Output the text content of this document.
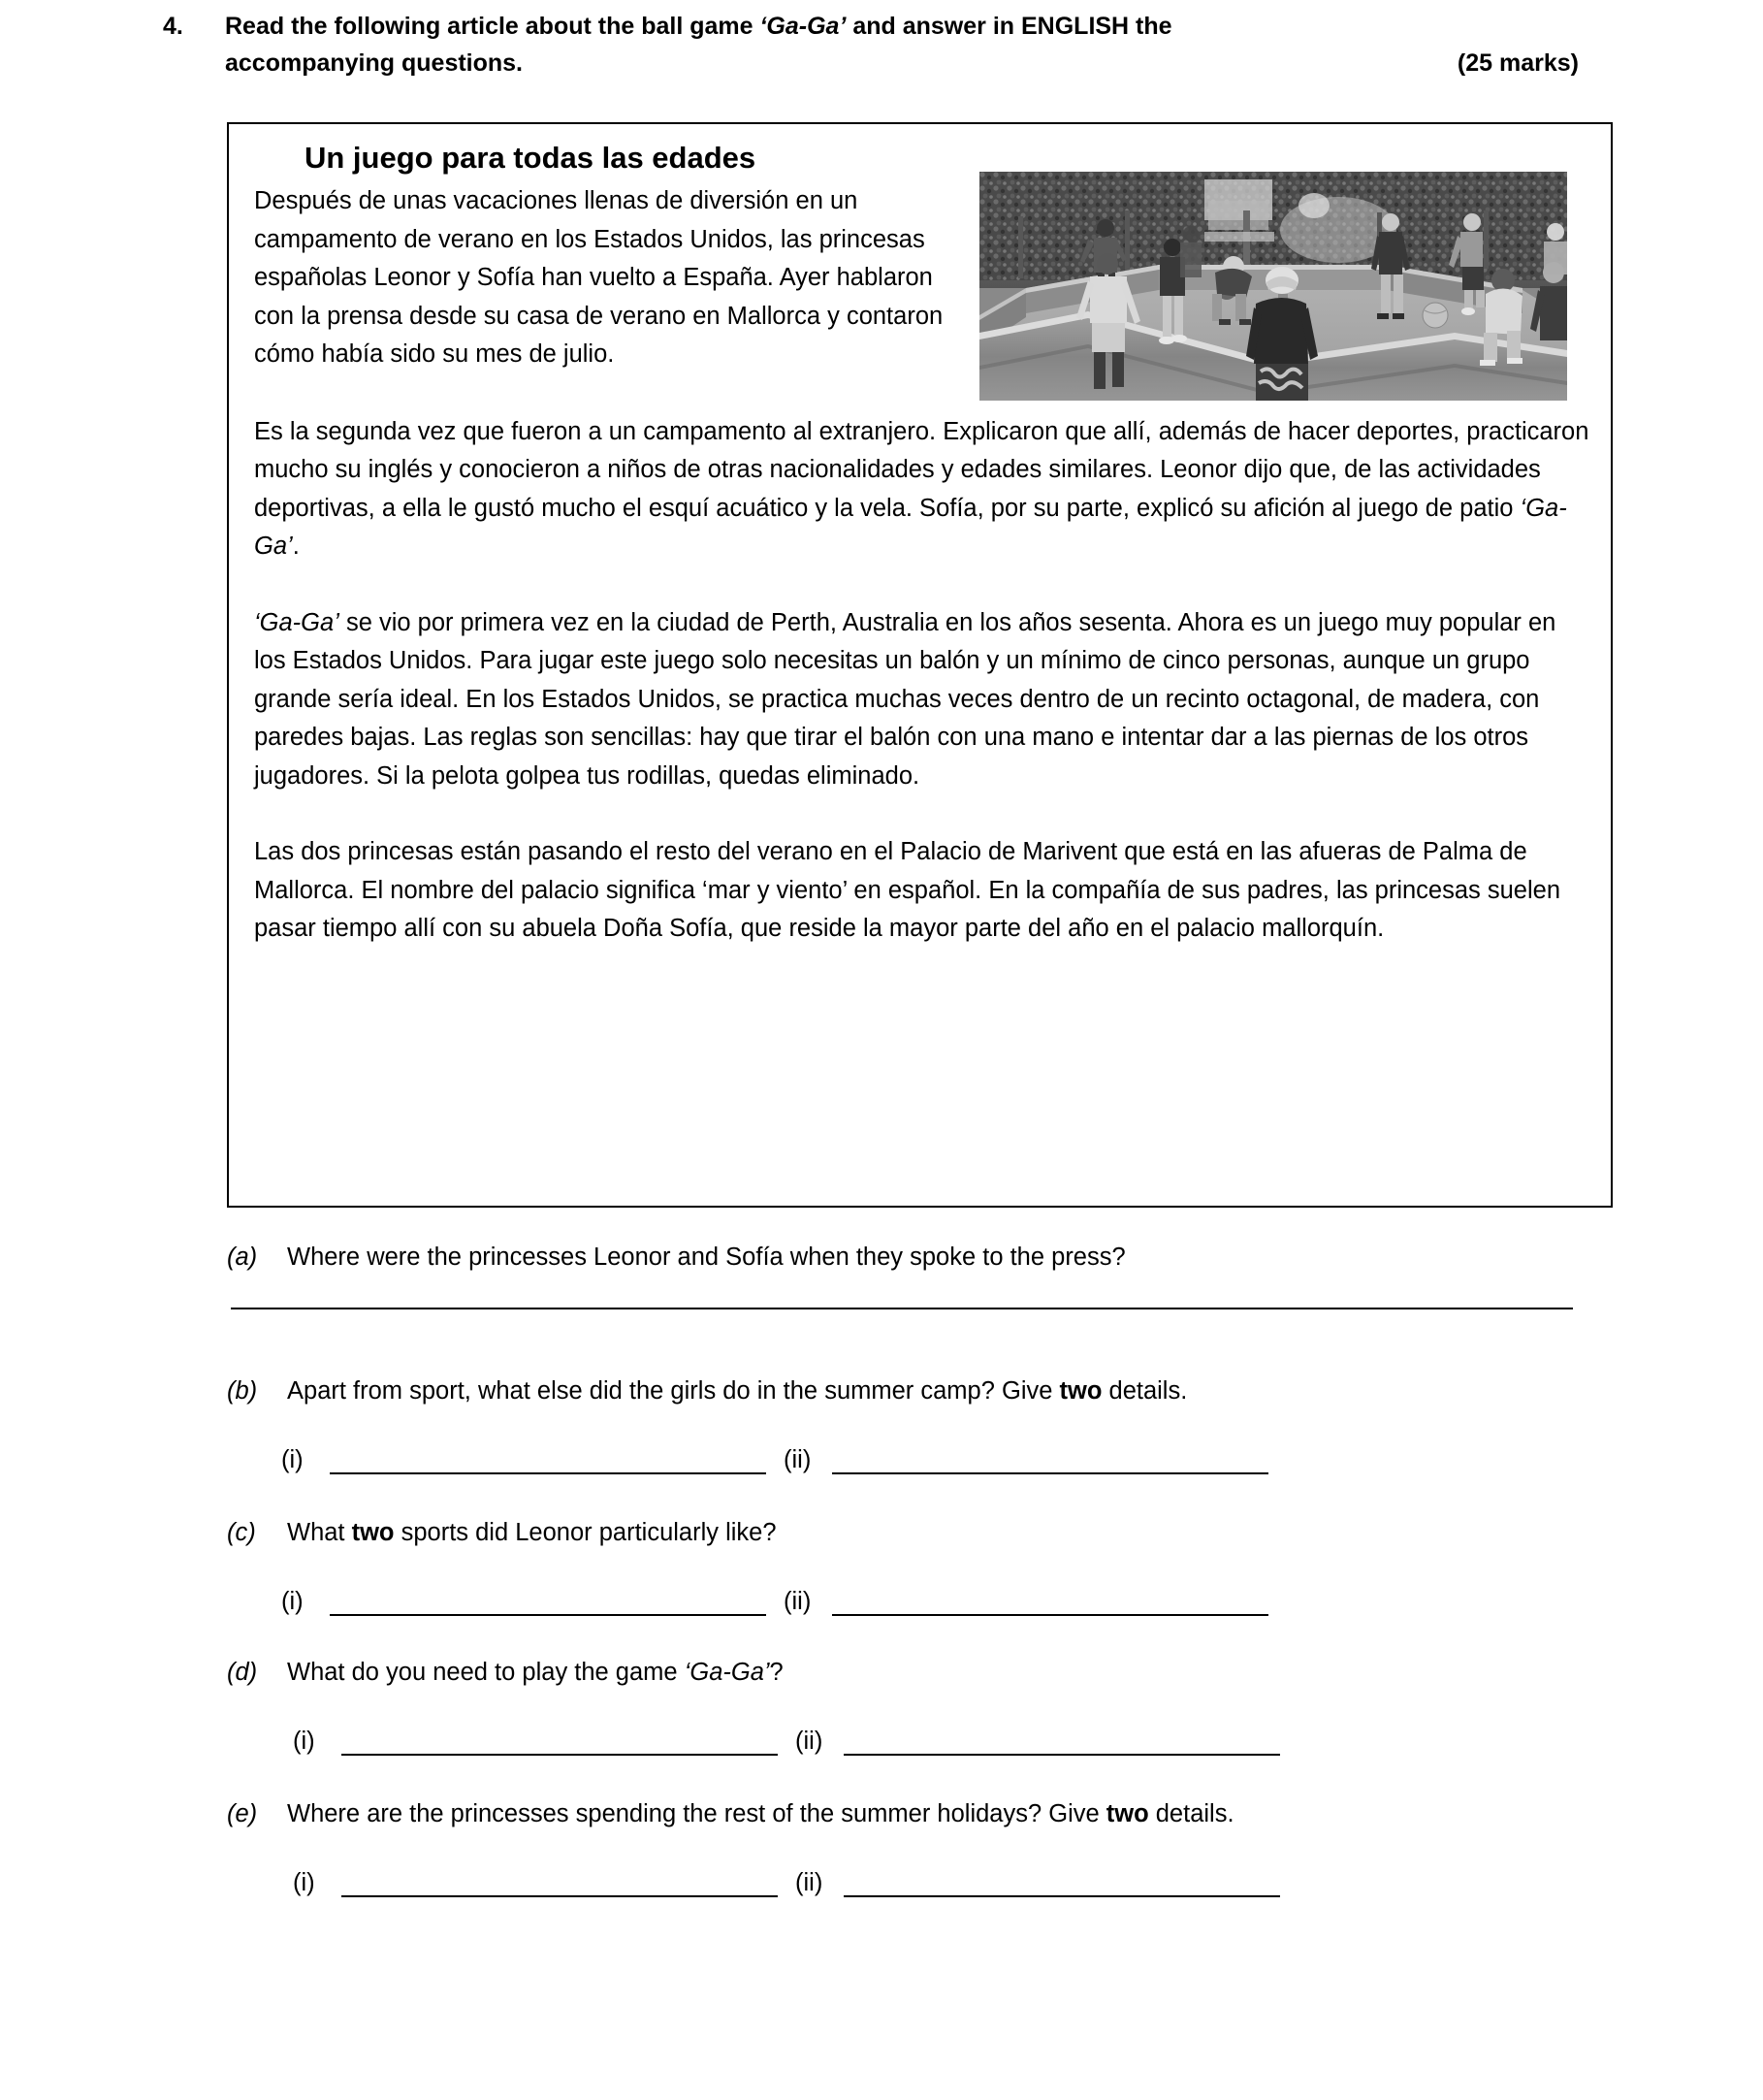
4.	Read the following article about the ball game ‘Ga-Ga’ and answer in ENGLISH the
accompanying questions.	(25 marks)
Un juego para todas las edades

Después de unas vacaciones llenas de diversión en un campamento de verano en los Estados Unidos, las princesas españolas Leonor y Sofía han vuelto a España. Ayer hablaron con la prensa desde su casa de verano en Mallorca y contaron cómo había sido su mes de julio.

Es la segunda vez que fueron a un campamento al extranjero. Explicaron que allí, además de hacer deportes, practicaron mucho su inglés y conocieron a niños de otras nacionalidades y edades similares. Leonor dijo que, de las actividades deportivas, a ella le gustó mucho el esquí acuático y la vela. Sofía, por su parte, explicó su afición al juego de patio ‘Ga-Ga’.

‘Ga-Ga’ se vio por primera vez en la ciudad de Perth, Australia en los años sesenta. Ahora es un juego muy popular en los Estados Unidos. Para jugar este juego solo necesitas un balón y un mínimo de cinco personas, aunque un grupo grande sería ideal. En los Estados Unidos, se practica muchas veces dentro de un recinto octagonal, de madera, con paredes bajas. Las reglas son sencillas: hay que tirar el balón con una mano e intentar dar a las piernas de los otros jugadores. Si la pelota golpea tus rodillas, quedas eliminado.

Las dos princesas están pasando el resto del verano en el Palacio de Marivent que está en las afueras de Palma de Mallorca. El nombre del palacio significa ‘mar y viento’ en español. En la compañía de sus padres, las princesas suelen pasar tiempo allí con su abuela Doña Sofía, que reside la mayor parte del año en el palacio mallorquín.

(a)	Where were the princesses Leonor and Sofía when they spoke to the press?
(b)	Apart from sport, what else did the girls do in the summer camp? Give two details.
(i)	(ii)
(c)	What two sports did Leonor particularly like?
(i)	(ii)
(d)	What do you need to play the game ‘Ga-Ga’?
(i)	(ii)
(e)	Where are the princesses spending the rest of the summer holidays? Give two details.
(i)	(ii)
